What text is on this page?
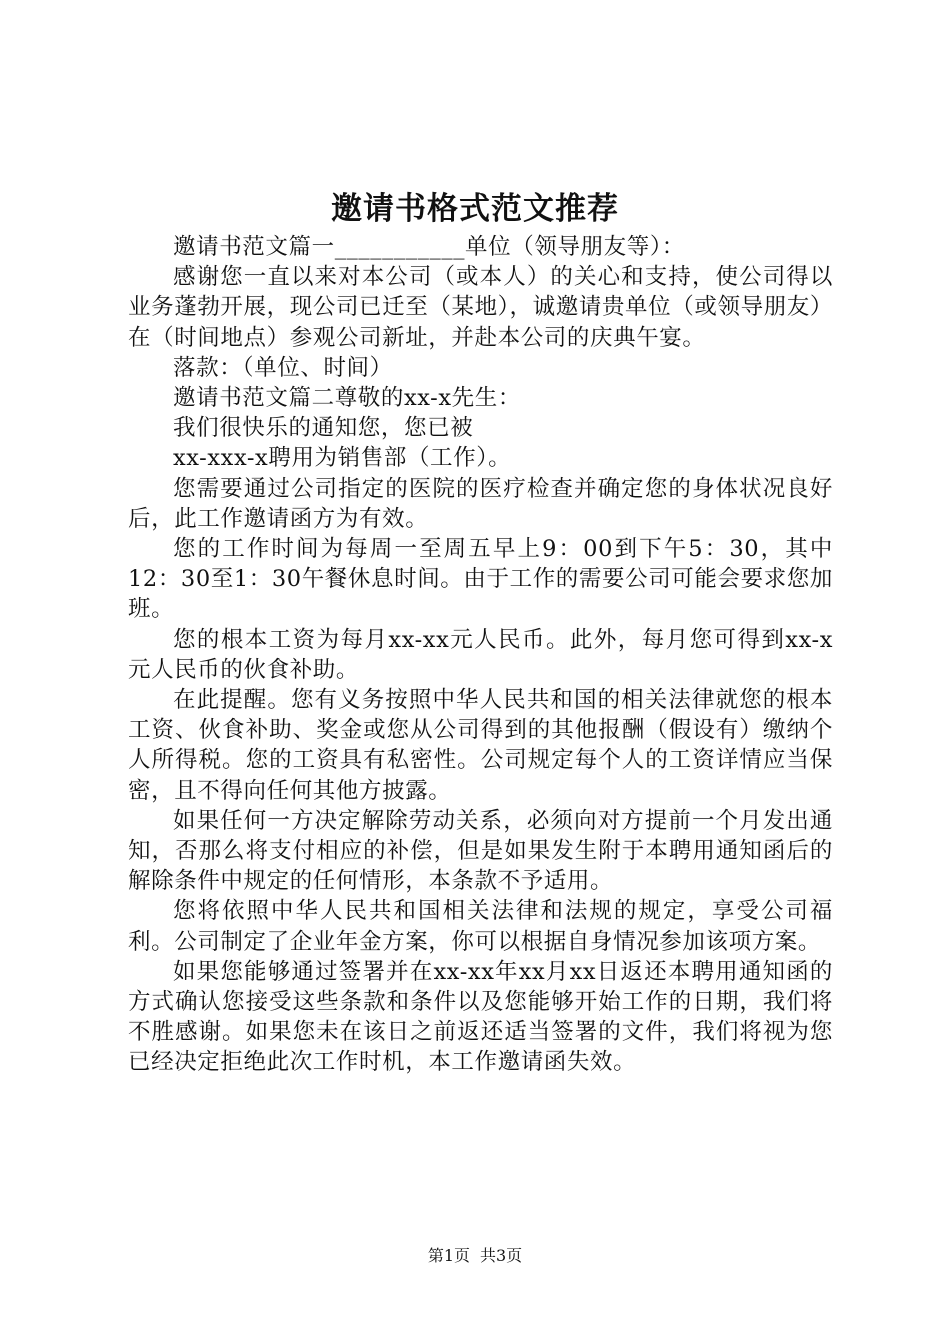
邀请书格式范文推荐

邀请书范文篇一___________单位（领导朋友等）：

感谢您一直以来对本公司（或本人）的关心和支持，使公司得以业务蓬勃开展，现公司已迁至（某地），诚邀请贵单位（或领导朋友）在（时间地点）参观公司新址，并赴本公司的庆典午宴。

落款：（单位、时间）

邀请书范文篇二尊敬的xx-x先生：

我们很快乐的通知您，您已被

xx-xxx-x聘用为销售部（工作）。

您需要通过公司指定的医院的医疗检查并确定您的身体状况良好后，此工作邀请函方为有效。

您的工作时间为每周一至周五早上9：00到下午5：30，其中12：30至1：30午餐休息时间。由于工作的需要公司可能会要求您加班。

您的根本工资为每月xx-xx元人民币。此外，每月您可得到xx-x元人民币的伙食补助。

在此提醒。您有义务按照中华人民共和国的相关法律就您的根本工资、伙食补助、奖金或您从公司得到的其他报酬（假设有）缴纳个人所得税。您的工资具有私密性。公司规定每个人的工资详情应当保密，且不得向任何其他方披露。

如果任何一方决定解除劳动关系，必须向对方提前一个月发出通知，否那么将支付相应的补偿，但是如果发生附于本聘用通知函后的解除条件中规定的任何情形，本条款不予适用。

您将依照中华人民共和国相关法律和法规的规定，享受公司福利。公司制定了企业年金方案，你可以根据自身情况参加该项方案。

如果您能够通过签署并在xx-xx年xx月xx日返还本聘用通知函的方式确认您接受这些条款和条件以及您能够开始工作的日期，我们将不胜感谢。如果您未在该日之前返还适当签署的文件，我们将视为您已经决定拒绝此次工作时机，本工作邀请函失效。

第1页 共3页
